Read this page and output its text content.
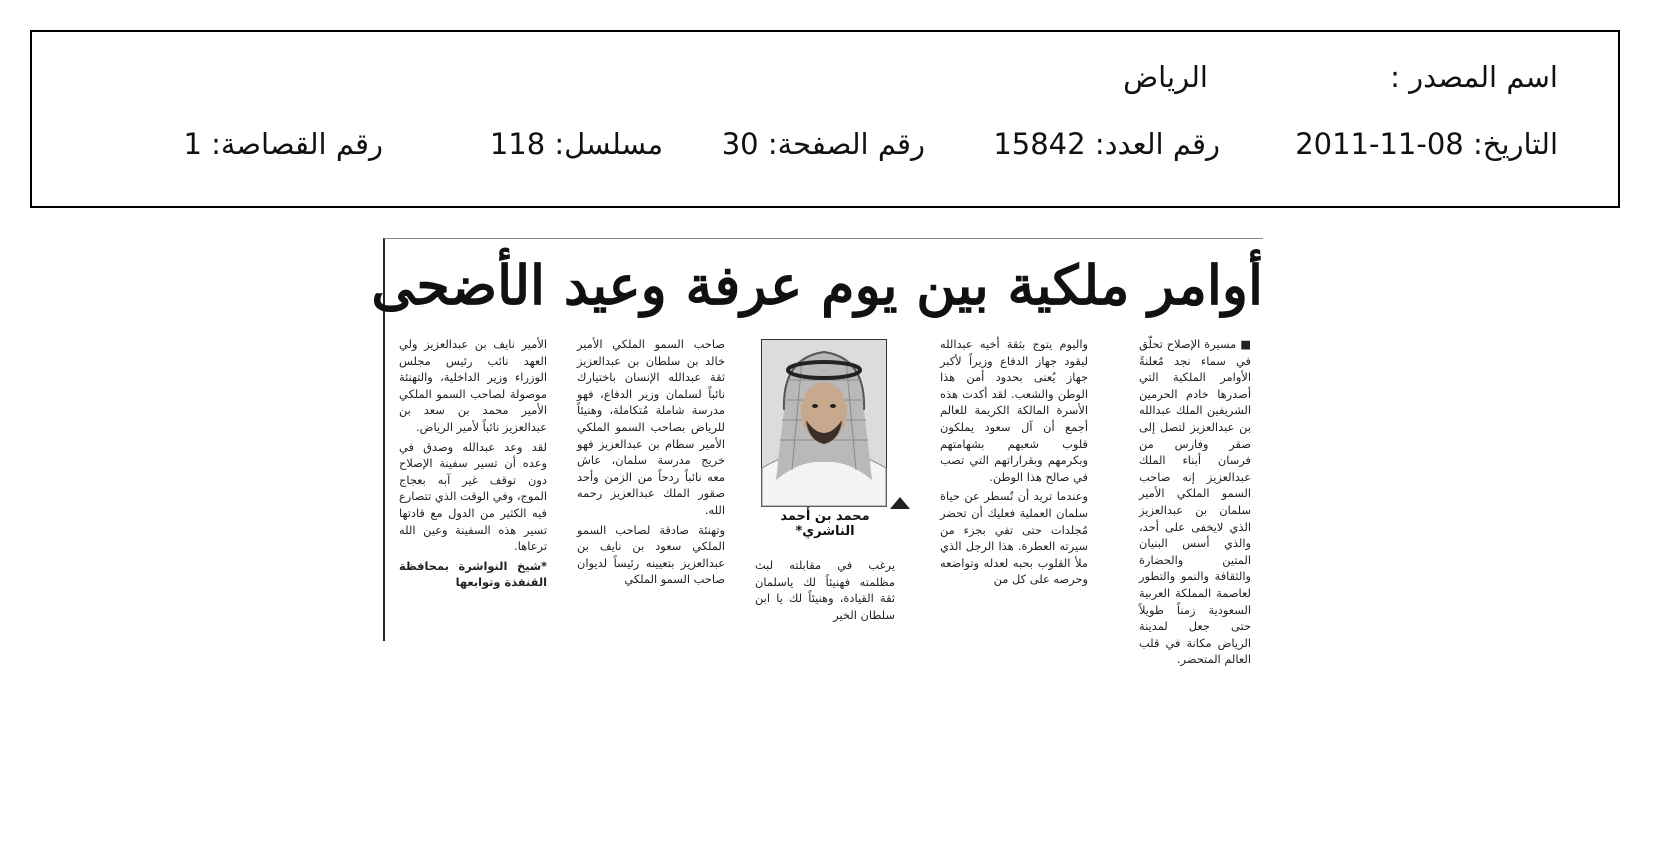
اسم المصدر :
الرياض
التاريخ: 2011-11-08
رقم العدد: 15842
رقم الصفحة: 30
مسلسل: 118
رقم القصاصة: 1
أوامر ملكية بين يوم عرفة وعيد الأضحى

■ مسيرة الإصلاح تحلّق في سماء نجد مُعلنةً الأوامر الملكية التي أصدرها خادم الحرمين الشريفين الملك عبدالله بن عبدالعزيز لتصل إلى صقر وفارس من فرسان أبناء الملك عبدالعزيز إنه صاحب السمو الملكي الأمير سلمان بن عبدالعزيز الذي لايخفى على أحد، والذي أسس البنيان المتين والحضارة والثقافة والنمو والتطور لعاصمة المملكة العربية السعودية زمناً طويلاً حتى جعل لمدينة الرياض مكانة في قلب العالم المتحضر.

واليوم يتوج بثقة أخيه عبدالله ليقود جهاز الدفاع وزيراً لأكبر جهاز يُعنى بحدود أمن هذا الوطن والشعب. لقد أكدت هذه الأسرة المالكة الكريمة للعالم أجمع أن آل سعود يملكون قلوب شعبهم بشهامتهم وبكرمهم وبقراراتهم التي تصب في صالح هذا الوطن.

وعندما تريد أن تُسطر عن حياة سلمان العملية فعليك أن تحضر مُجلدات حتى تفي بجزء من سيرته العطرة. هذا الرجل الذي ملأ القلوب بحبه لعدله وتواضعه وحرصه على كل من

محمد بن أحمد الناشري*

يرغب في مقابلته لبث مظلمته فهنيئاً لك ياسلمان ثقة القيادة، وهنيئاً لك يا ابن سلطان الخير

صاحب السمو الملكي الأمير خالد بن سلطان بن عبدالعزيز ثقة عبدالله الإنسان باختيارك نائباً لسلمان وزير الدفاع، فهو مدرسة شاملة مُتكاملة، وهنيئاً للرياض بصاحب السمو الملكي الأمير سطام بن عبدالعزيز فهو خريج مدرسة سلمان، عاش معه نائباً ردحاً من الزمن وأحد صقور الملك عبدالعزيز رحمه الله.

وتهنئة صادقة لصاحب السمو الملكي سعود بن نايف بن عبدالعزيز بتعيينه رئيساً لديوان صاحب السمو الملكي

الأمير نايف بن عبدالعزيز ولي العهد نائب رئيس مجلس الوزراء وزير الداخلية، والتهنئة موصولة لصاحب السمو الملكي الأمير محمد بن سعد بن عبدالعزيز نائباً لأمير الرياض.

لقد وعد عبدالله وصدق في وعده أن تسير سفينة الإصلاح دون توقف غير آبه بعجاج الموج، وفي الوقت الذي تتصارع فيه الكثير من الدول مع قادتها تسير هذه السفينة وعين الله ترعاها.

*شيخ النواشرة بمحافظة القنفذة وتوابعها
